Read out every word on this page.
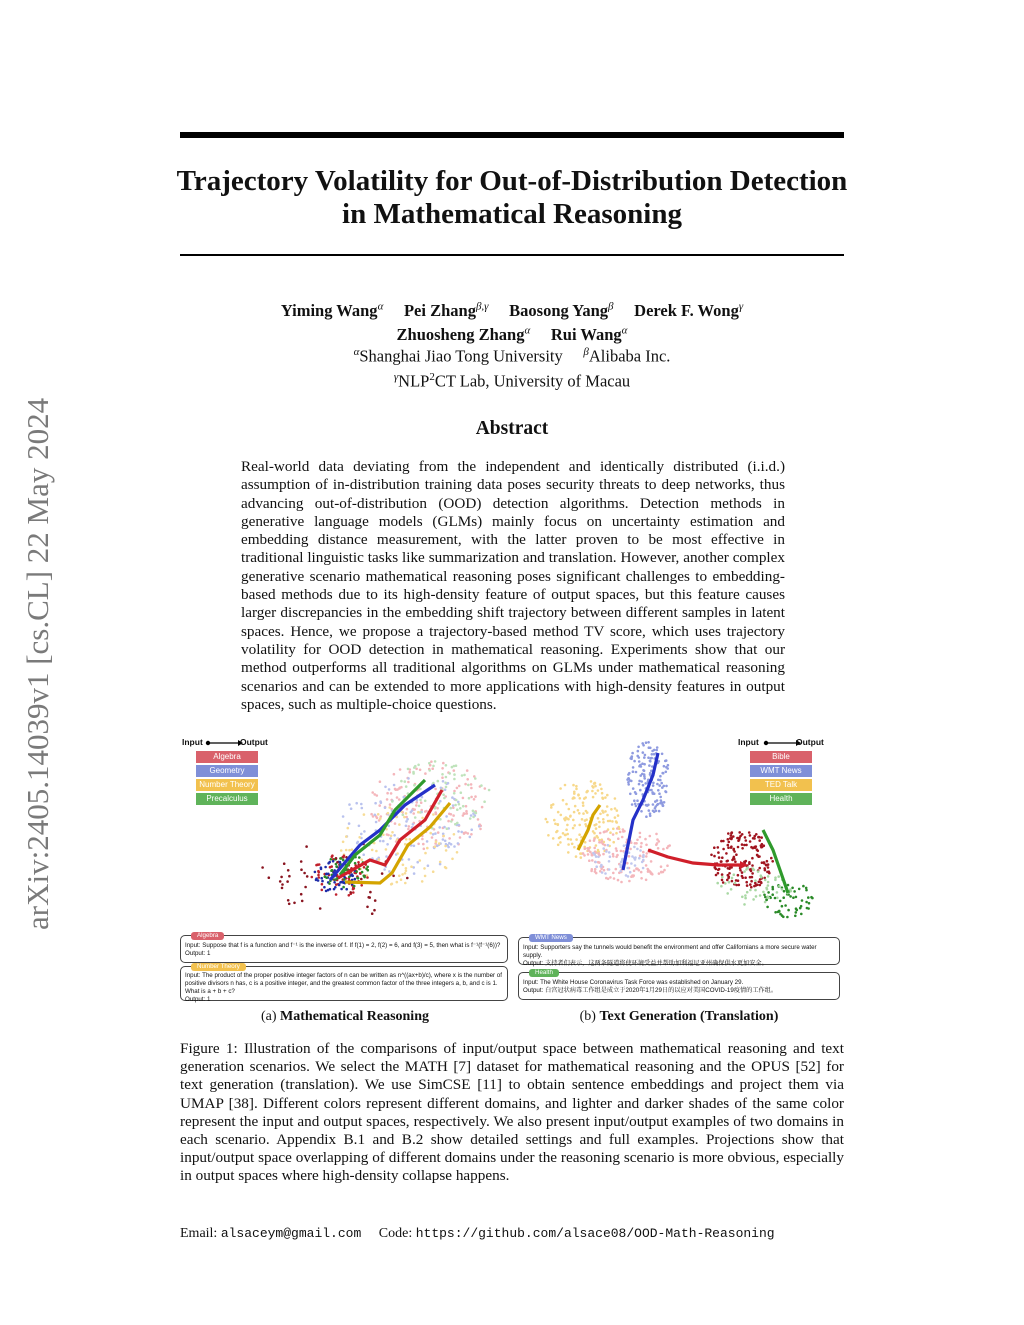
arXiv:2405.14039v1 [cs.CL] 22 May 2024
Trajectory Volatility for Out-of-Distribution Detection
in Mathematical Reasoning
Yiming Wang$^\alpha$ Pei Zhang$^{\beta,\gamma}$ Baosong Yang$^\beta$ Derek F. Wong$^\gamma$
Zhuosheng Zhang$^\alpha$ Rui Wang$^\alpha$
$^\alpha$Shanghai Jiao Tong University $^\beta$Alibaba Inc.
$^\gamma$NLP$^2$CT Lab, University of Macau
Abstract
Real-world data deviating from the independent and identically distributed (i.i.d.) assumption of in-distribution training data poses security threats to deep networks, thus advancing out-of-distribution (OOD) detection algorithms. Detection methods in generative language models (GLMs) mainly focus on uncertainty estimation and embedding distance measurement, with the latter proven to be most effective in traditional linguistic tasks like summarization and translation. However, another complex generative scenario mathematical reasoning poses significant challenges to embedding-based methods due to its high-density feature of output spaces, but this feature causes larger discrepancies in the embedding shift trajectory between different samples in latent spaces. Hence, we propose a trajectory-based method TV score, which uses trajectory volatility for OOD detection in mathematical reasoning. Experiments show that our method outperforms all traditional algorithms on GLMs under mathematical reasoning scenarios and can be extended to more applications with high-density features in output spaces, such as multiple-choice questions.
Input	Output
Algebra
Geometry
Number Theory
Precalculus
Input	Output
Bible
WMT News
TED Talk
Health
Algebra
Input: Suppose that f is a function and f⁻¹ is the inverse of f. If f(1) = 2, f(2) = 6, and f(3) = 5, then what is f⁻¹(f⁻¹(6))?
Output: 1
Number Theory
Input: The product of the proper positive integer factors of n can be written as n^((ax+b)/c), where x is the number of positive divisors n has, c is a positive integer, and the greatest common factor of the three integers a, b, and c is 1. What is a + b + c?
Output: 1
WMT News
Input: Supporters say the tunnels would benefit the environment and offer Californians a more secure water supply.
Output: 支持者们表示，这两条隧道将使环境受益并帮助加利福尼亚州确保供水更加安全。
Health
Input: The White House Coronavirus Task Force was established on January 29.
Output: 白宫冠状病毒工作组是成立于2020年1月29日的以应对美国COVID-19疫情的工作组。
(a) Mathematical Reasoning	(b) Text Generation (Translation)
Figure 1: Illustration of the comparisons of input/output space between mathematical reasoning and text generation scenarios. We select the MATH [7] dataset for mathematical reasoning and the OPUS [52] for text generation (translation). We use SimCSE [11] to obtain sentence embeddings and project them via UMAP [38]. Different colors represent different domains, and lighter and darker shades of the same color represent the input and output spaces, respectively. We also present input/output examples of two domains in each scenario. Appendix B.1 and B.2 show detailed settings and full examples. Projections show that input/output space overlapping of different domains under the reasoning scenario is more obvious, especially in output spaces where high-density collapse happens.
Email: alsaceym@gmail.com Code: https://github.com/alsace08/OOD-Math-Reasoning
